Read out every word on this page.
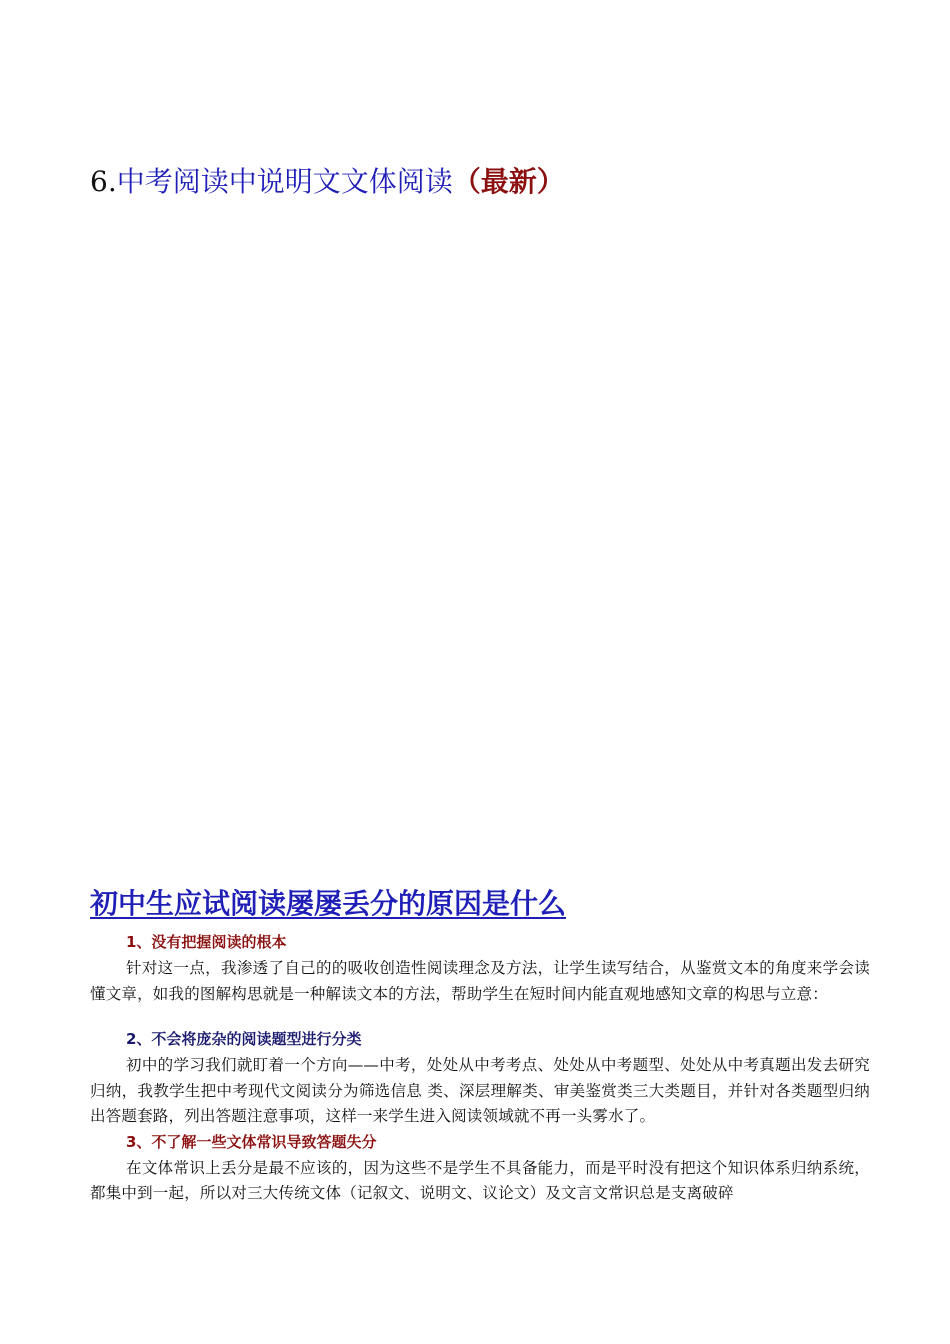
6.中考阅读中说明文文体阅读（最新）
初中生应试阅读屡屡丢分的原因是什么
1、没有把握阅读的根本

针对这一点，我渗透了自己的的吸收创造性阅读理念及方法，让学生读写结合，从鉴赏文本的角度来学会读懂文章，如我的图解构思就是一种解读文本的方法，帮助学生在短时间内能直观地感知文章的构思与立意：

2、不会将庞杂的阅读题型进行分类

初中的学习我们就盯着一个方向——中考，处处从中考考点、处处从中考题型、处处从中考真题出发去研究归纳，我教学生把中考现代文阅读分为筛选信息 类、深层理解类、审美鉴赏类三大类题目，并针对各类题型归纳出答题套路，列出答题注意事项，这样一来学生进入阅读领域就不再一头雾水了。

3、不了解一些文体常识导致答题失分

在文体常识上丢分是最不应该的，因为这些不是学生不具备能力，而是平时没有把这个知识体系归纳系统，都集中到一起，所以对三大传统文体（记叙文、说明文、议论文）及文言文常识总是支离破碎
